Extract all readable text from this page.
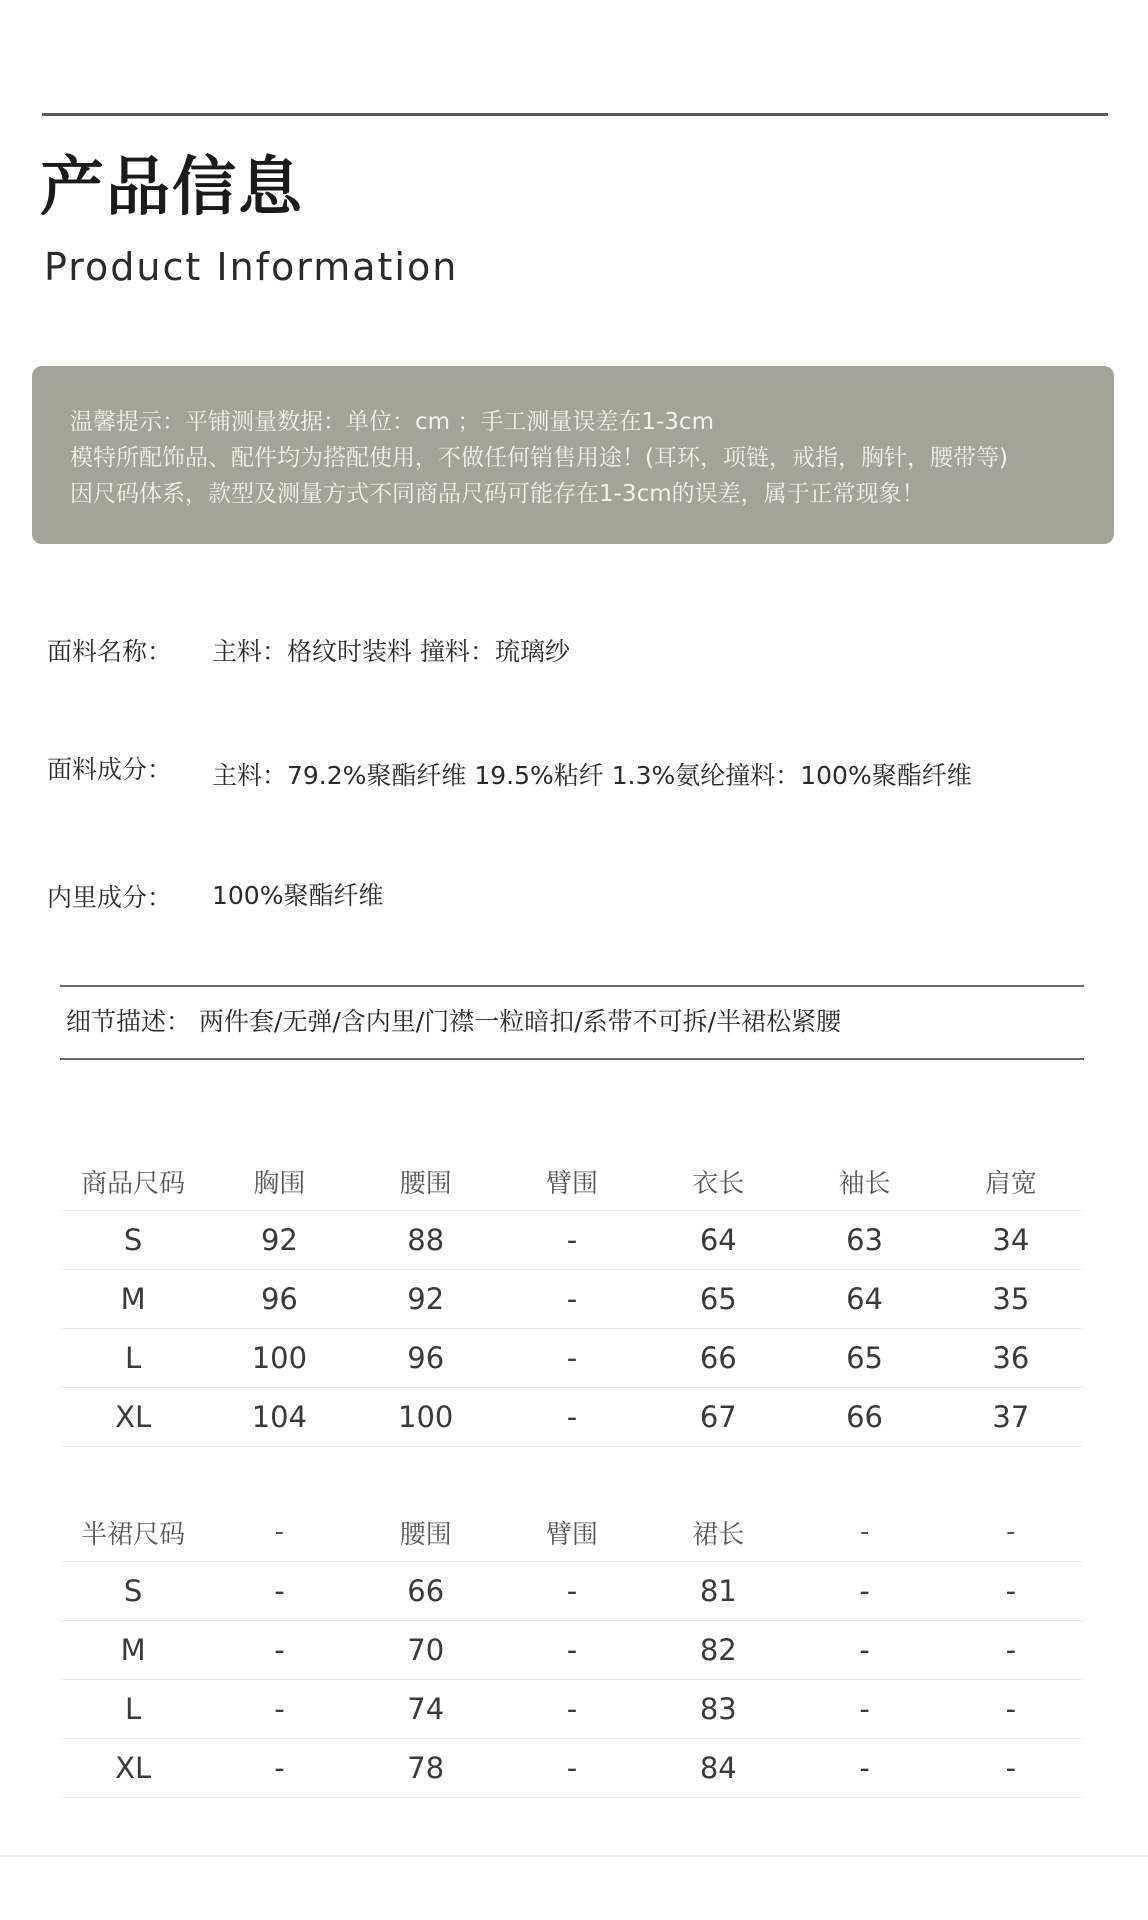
产品信息
Product Information
温馨提示：平铺测量数据：单位：cm ；手工测量误差在1-3cm
模特所配饰品、配件均为搭配使用，不做任何销售用途！(耳环，项链，戒指，胸针，腰带等)
因尺码体系，款型及测量方式不同商品尺码可能存在1-3cm的误差，属于正常现象！
面料名称： 主料：格纹时装料 撞料：琉璃纱
面料成分： 主料：79.2%聚酯纤维 19.5%粘纤 1.3%氨纶撞料：100%聚酯纤维
内里成分： 100%聚酯纤维
细节描述： 两件套/无弹/含内里/门襟一粒暗扣/系带不可拆/半裙松紧腰
商品尺码	胸围	腰围	臂围	衣长	袖长	肩宽
S	92	88	-	64	63	34
M	96	92	-	65	64	35
L	100	96	-	66	65	36
XL	104	100	-	67	66	37
半裙尺码	-	腰围	臂围	裙长	-	-
S	-	66	-	81	-	-
M	-	70	-	82	-	-
L	-	74	-	83	-	-
XL	-	78	-	84	-	-
